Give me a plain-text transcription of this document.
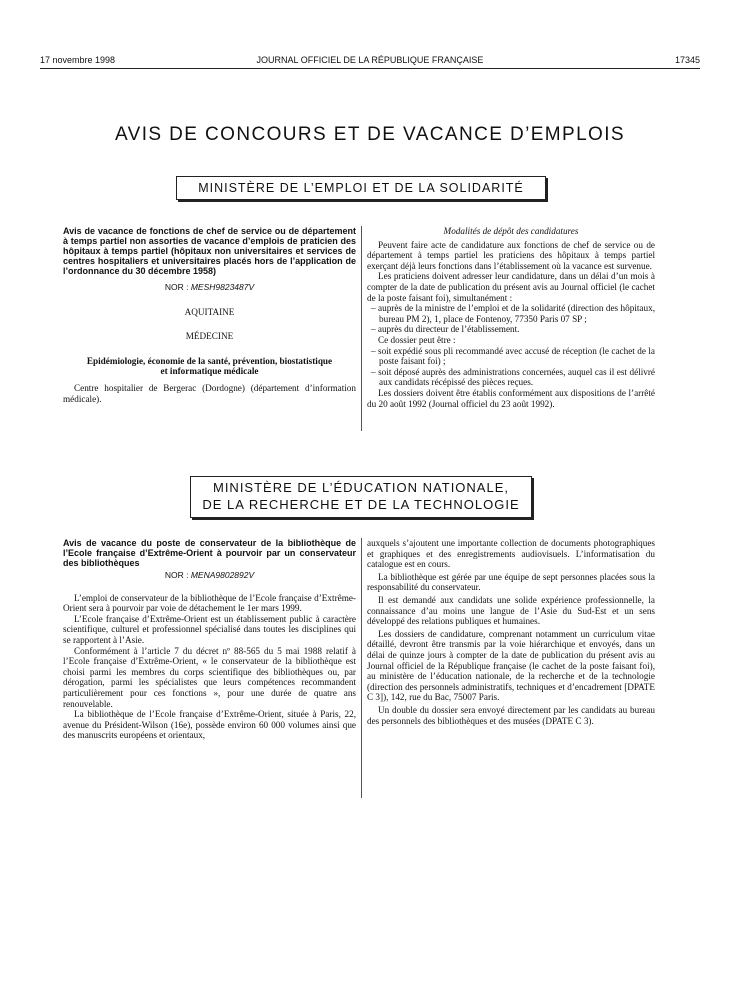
17 novembre 1998	JOURNAL OFFICIEL DE LA RÉPUBLIQUE FRANÇAISE	17345
AVIS DE CONCOURS ET DE VACANCE D’EMPLOIS
MINISTÈRE DE L’EMPLOI ET DE LA SOLIDARITÉ

Avis de vacance de fonctions de chef de service ou de département à temps partiel non assorties de vacance d’emplois de praticien des hôpitaux à temps partiel (hôpitaux non universitaires et services de centres hospitaliers et universitaires placés hors de l’application de l’ordonnance du 30 décembre 1958)

NOR : MESH9823487V

AQUITAINE

MÉDECINE

Epidémiologie, économie de la santé, prévention, biostatistique et informatique médicale

Centre hospitalier de Bergerac (Dordogne) (département d’information médicale).

Modalités de dépôt des candidatures

Peuvent faire acte de candidature aux fonctions de chef de service ou de département à temps partiel les praticiens des hôpitaux à temps partiel exerçant déjà leurs fonctions dans l’établissement où la vacance est survenue.

Les praticiens doivent adresser leur candidature, dans un délai d’un mois à compter de la date de publication du présent avis au Journal officiel (le cachet de la poste faisant foi), simultanément :

– auprès de la ministre de l’emploi et de la solidarité (direction des hôpitaux, bureau PM 2), 1, place de Fontenoy, 77350 Paris 07 SP ;

– auprès du directeur de l’établissement.

Ce dossier peut être :

– soit expédié sous pli recommandé avec accusé de réception (le cachet de la poste faisant foi) ;

– soit déposé auprès des administrations concernées, auquel cas il est délivré aux candidats récépissé des pièces reçues.

Les dossiers doivent être établis conformément aux dispositions de l’arrêté du 20 août 1992 (Journal officiel du 23 août 1992).

MINISTÈRE DE L’ÉDUCATION NATIONALE,
DE LA RECHERCHE ET DE LA TECHNOLOGIE

Avis de vacance du poste de conservateur de la bibliothèque de l’Ecole française d’Extrême-Orient à pourvoir par un conservateur des bibliothèques

NOR : MENA9802892V

L’emploi de conservateur de la bibliothèque de l’Ecole française d’Extrême-Orient sera à pourvoir par voie de détachement le 1er mars 1999.

L’Ecole française d’Extrême-Orient est un établissement public à caractère scientifique, culturel et professionnel spécialisé dans toutes les disciplines qui se rapportent à l’Asie.

Conformément à l’article 7 du décret nº 88-565 du 5 mai 1988 relatif à l’Ecole française d’Extrême-Orient, « le conservateur de la bibliothèque est choisi parmi les membres du corps scientifique des bibliothèques ou, par dérogation, parmi les spécialistes que leurs compétences recommandent particulièrement pour ces fonctions », pour une durée de quatre ans renouvelable.

La bibliothèque de l’Ecole française d’Extrême-Orient, située à Paris, 22, avenue du Président-Wilson (16e), possède environ 60 000 volumes ainsi que des manuscrits européens et orientaux,

auxquels s’ajoutent une importante collection de documents photographiques et graphiques et des enregistrements audiovisuels. L’informatisation du catalogue est en cours.

La bibliothèque est gérée par une équipe de sept personnes placées sous la responsabilité du conservateur.

Il est demandé aux candidats une solide expérience professionnelle, la connaissance d’au moins une langue de l’Asie du Sud-Est et un sens développé des relations publiques et humaines.

Les dossiers de candidature, comprenant notamment un curriculum vitae détaillé, devront être transmis par la voie hiérarchique et envoyés, dans un délai de quinze jours à compter de la date de publication du présent avis au Journal officiel de la République française (le cachet de la poste faisant foi), au ministère de l’éducation nationale, de la recherche et de la technologie (direction des personnels administratifs, techniques et d’encadrement [DPATE C 3]), 142, rue du Bac, 75007 Paris.

Un double du dossier sera envoyé directement par les candidats au bureau des personnels des bibliothèques et des musées (DPATE C 3).
